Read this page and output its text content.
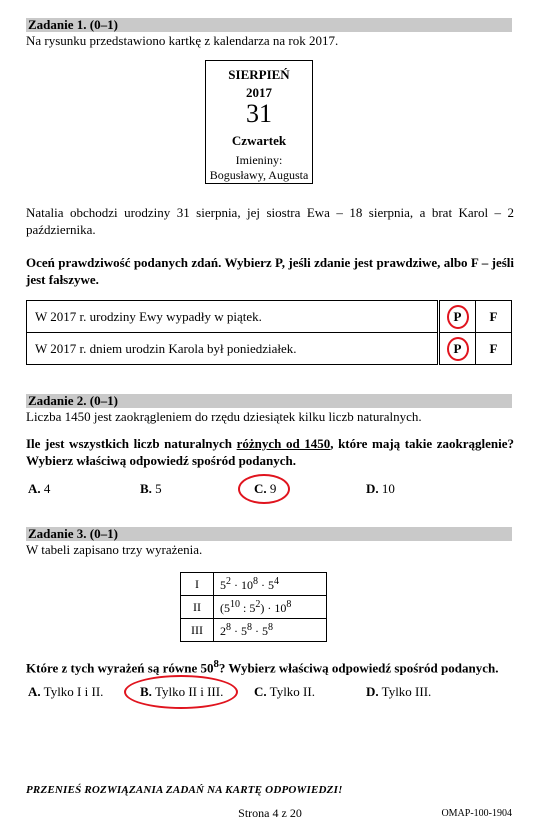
Zadanie 1. (0–1)
Na rysunku przedstawiono kartkę z kalendarza na rok 2017.
SIERPIEŃ
2017
31
Czwartek
Imieniny:
Bogusławy, Augusta
Natalia obchodzi urodziny 31 sierpnia, jej siostra Ewa – 18 sierpnia, a brat Karol – 2 października.
Oceń prawdziwość podanych zdań. Wybierz P, jeśli zdanie jest prawdziwe, albo F – jeśli jest fałszywe.
W 2017 r. urodziny Ewy wypadły w piątek.	P	F
W 2017 r. dniem urodzin Karola był poniedziałek.	P	F
Zadanie 2. (0–1)
Liczba 1450 jest zaokrągleniem do rzędu dziesiątek kilku liczb naturalnych.
Ile jest wszystkich liczb naturalnych różnych od 1450, które mają takie zaokrąglenie? Wybierz właściwą odpowiedź spośród podanych.
A. 4	B. 5	C. 9	D. 10
Zadanie 3. (0–1)
W tabeli zapisano trzy wyrażenia.
I	$5^2 \cdot 10^8 \cdot 5^4$
II	($5^{10}$ : $5^2) \cdot 10^8$
III	$2^8 \cdot 5^8 \cdot 5^8$
Które z tych wyrażeń są równe $50^8$? Wybierz właściwą odpowiedź spośród podanych.
A. Tylko I i II.	B. Tylko II i III. C. Tylko II.	D. Tylko III.
PRZENIEŚ ROZWIĄZANIA ZADAŃ NA KARTĘ ODPOWIEDZI!
Strona 4 z 20	OMAP-100-1904
